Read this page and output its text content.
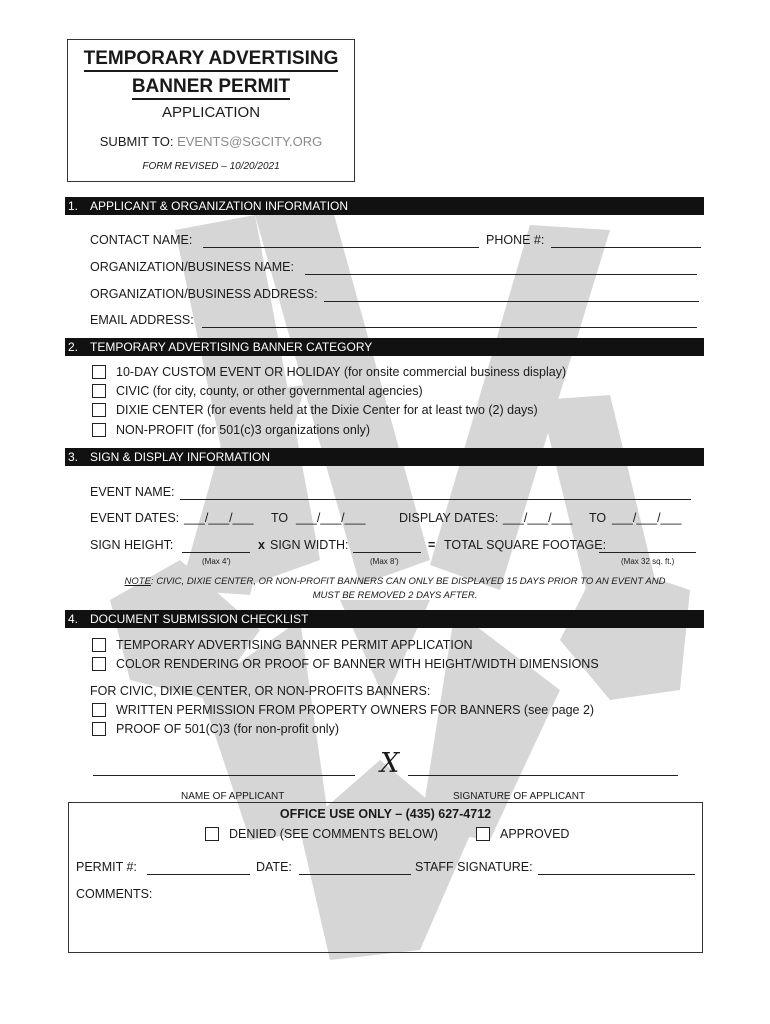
TEMPORARY ADVERTISING
BANNER PERMIT
APPLICATION
SUBMIT TO: EVENTS@SGCITY.ORG
FORM REVISED – 10/20/2021
1. APPLICANT & ORGANIZATION INFORMATION
CONTACT NAME:	PHONE #:
ORGANIZATION/BUSINESS NAME:
ORGANIZATION/BUSINESS ADDRESS:
EMAIL ADDRESS:
2. TEMPORARY ADVERTISING BANNER CATEGORY
10-DAY CUSTOM EVENT OR HOLIDAY (for onsite commercial business display)
CIVIC (for city, county, or other governmental agencies)
DIXIE CENTER (for events held at the Dixie Center for at least two (2) days)
NON-PROFIT (for 501(c)3 organizations only)
3. SIGN & DISPLAY INFORMATION
EVENT NAME:
EVENT DATES: ___/___/___ TO ___/___/___	DISPLAY DATES: ___/___/___ TO ___/___/___
SIGN HEIGHT:	x SIGN WIDTH:	= TOTAL SQUARE FOOTAGE:
(Max 4')	(Max 8')	(Max 32 sq. ft.)
NOTE: CIVIC, DIXIE CENTER, OR NON-PROFIT BANNERS CAN ONLY BE DISPLAYED 15 DAYS PRIOR TO AN EVENT AND
MUST BE REMOVED 2 DAYS AFTER.
4. DOCUMENT SUBMISSION CHECKLIST
TEMPORARY ADVERTISING BANNER PERMIT APPLICATION
COLOR RENDERING OR PROOF OF BANNER WITH HEIGHT/WIDTH DIMENSIONS
FOR CIVIC, DIXIE CENTER, OR NON-PROFITS BANNERS:
WRITTEN PERMISSION FROM PROPERTY OWNERS FOR BANNERS (see page 2)
PROOF OF 501(C)3 (for non-profit only)
X
NAME OF APPLICANT	SIGNATURE OF APPLICANT
OFFICE USE ONLY – (435) 627-4712
DENIED (SEE COMMENTS BELOW)	APPROVED
PERMIT #:	DATE:	STAFF SIGNATURE:
COMMENTS:
